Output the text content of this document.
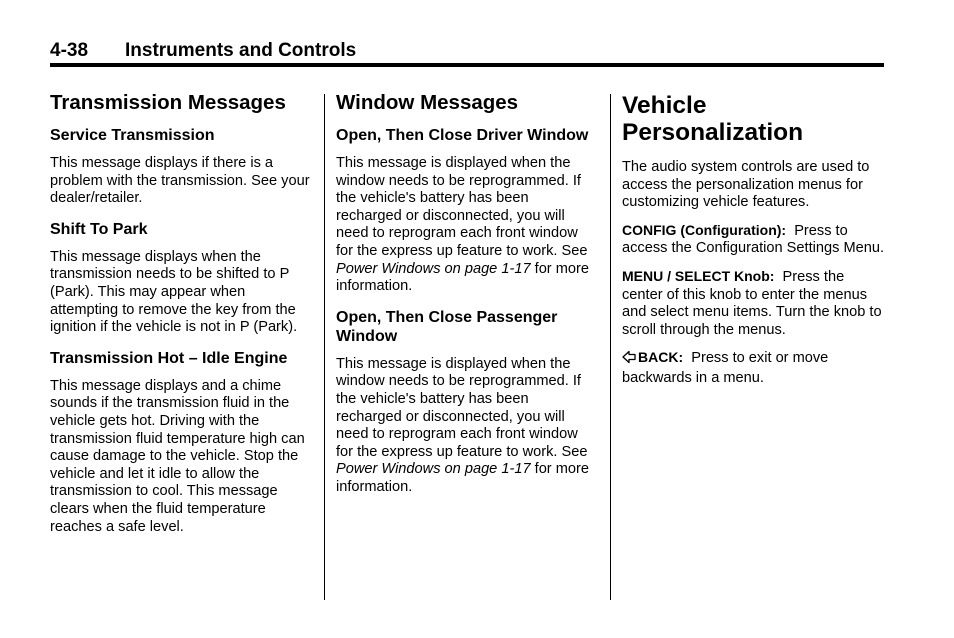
4-38 Instruments and Controls
Transmission Messages
Service Transmission

This message displays if there is a problem with the transmission. See your dealer/retailer.

Shift To Park

This message displays when the transmission needs to be shifted to P (Park). This may appear when attempting to remove the key from the ignition if the vehicle is not in P (Park).

Transmission Hot – Idle Engine

This message displays and a chime sounds if the transmission fluid in the vehicle gets hot. Driving with the transmission fluid temperature high can cause damage to the vehicle. Stop the vehicle and let it idle to allow the transmission to cool. This message clears when the fluid temperature reaches a safe level.

Window Messages
Open, Then Close Driver Window

This message is displayed when the window needs to be reprogrammed. If the vehicle's battery has been recharged or disconnected, you will need to reprogram each front window for the express up feature to work. See Power Windows on page 1-17 for more information.

Open, Then Close Passenger Window

This message is displayed when the window needs to be reprogrammed. If the vehicle's battery has been recharged or disconnected, you will need to reprogram each front window for the express up feature to work. See Power Windows on page 1-17 for more information.

Vehicle Personalization

The audio system controls are used to access the personalization menus for customizing vehicle features.

CONFIG (Configuration): Press to access the Configuration Settings Menu.

MENU / SELECT Knob: Press the center of this knob to enter the menus and select menu items. Turn the knob to scroll through the menus.

BACK: Press to exit or move backwards in a menu.
